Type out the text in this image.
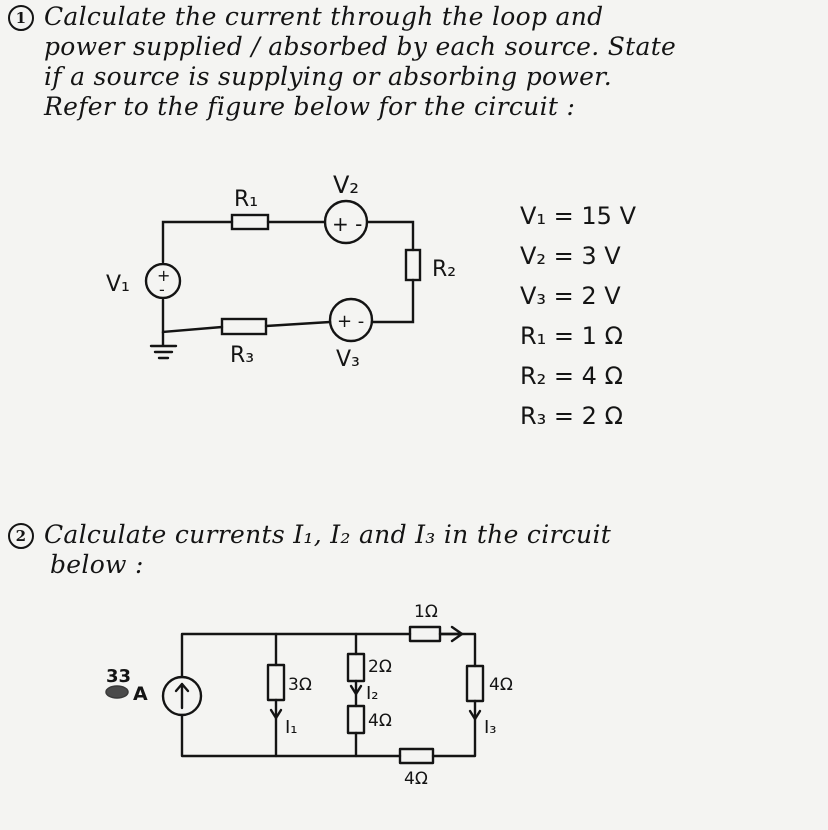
1 Calculate the current through the loop and
power supplied / absorbed by each source. State
if a source is supplying or absorbing power.
Refer to the figure below for the circuit :
V₁ = 15 V
V₂ = 3 V
V₃ = 2 V
R₁ = 1 Ω
R₂ = 4 Ω
R₃ = 2 Ω
+ -
+ -
+
-
R₁
V₂
R₂
V₁
R₃	V₃
2 Calculate currents I₁, I₂ and I₃ in the circuit
below :
33
A
1Ω
3Ω
2Ω
4Ω
4Ω
4Ω
I₁
I₂
I₃
